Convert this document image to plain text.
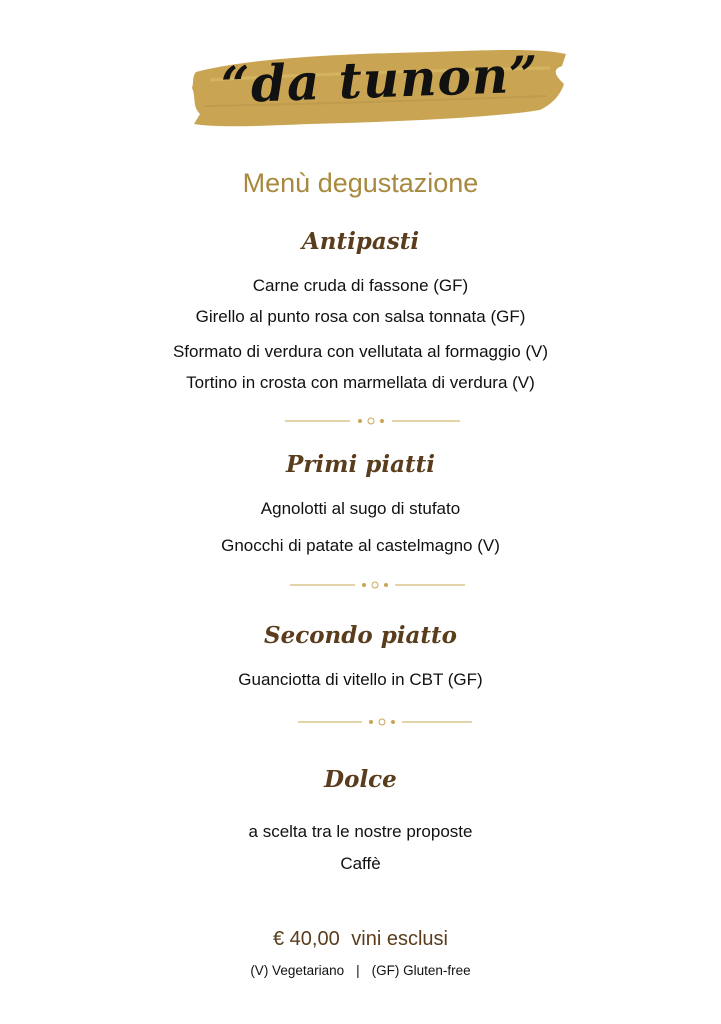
“da tunon”
Menù degustazione
Antipasti
Carne cruda di fassone (GF)
Girello al punto rosa con salsa tonnata (GF)
Sformato di verdura con vellutata al formaggio (V)
Tortino in crosta con marmellata di verdura (V)
Primi piatti
Agnolotti al sugo di stufato
Gnocchi di patate al castelmagno (V)
Secondo piatto
Guanciotta di vitello in CBT (GF)
Dolce
a scelta tra le nostre proposte
Caffè
€ 40,00 vini esclusi
(V) Vegetariano | (GF) Gluten-free
